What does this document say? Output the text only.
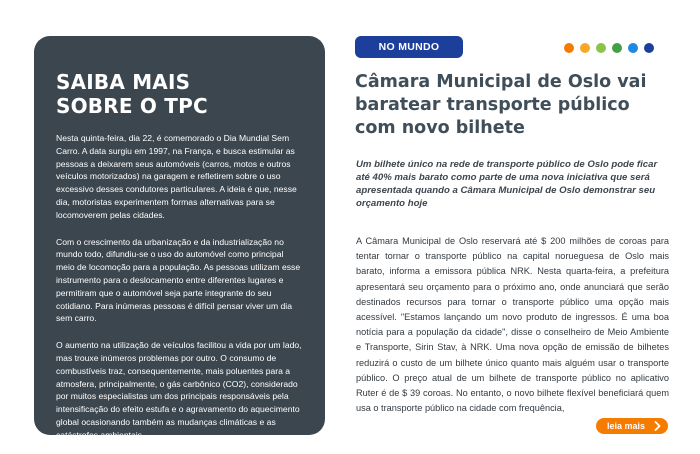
SAIBA MAIS
SOBRE O TPC

Nesta quinta-feira, dia 22, é comemorado o Dia Mundial Sem Carro. A data surgiu em 1997, na França, e busca estimular as pessoas a deixarem seus automóveis (carros, motos e outros veículos motorizados) na garagem e refletirem sobre o uso excessivo desses condutores particulares. A ideia é que, nesse dia, motoristas experimentem formas alternativas para se locomoverem pelas cidades.

Com o crescimento da urbanização e da industrialização no mundo todo, difundiu-se o uso do automóvel como principal meio de locomoção para a população. As pessoas utilizam esse instrumento para o deslocamento entre diferentes lugares e permitiram que o automóvel seja parte integrante do seu cotidiano. Para inúmeras pessoas é difícil pensar viver um dia sem carro.

O aumento na utilização de veículos facilitou a vida por um lado, mas trouxe inúmeros problemas por outro. O consumo de combustíveis traz, consequentemente, mais poluentes para a atmosfera, principalmente, o gás carbônico (CO2), considerado por muitos especialistas um dos principais responsáveis pela intensificação do efeito estufa e o agravamento do aquecimento global ocasionando também as mudanças climáticas e as catástrofes ambientais.

NO MUNDO
Câmara Municipal de Oslo vai baratear transporte público com novo bilhete

Um bilhete único na rede de transporte público de Oslo pode ficar até 40% mais barato como parte de uma nova iniciativa que será apresentada quando a Câmara Municipal de Oslo demonstrar seu orçamento hoje

A Câmara Municipal de Oslo reservará até $ 200 milhões de coroas para tentar tornar o transporte público na capital norueguesa de Oslo mais barato, informa a emissora pública NRK. Nesta quarta-feira, a prefeitura apresentará seu orçamento para o próximo ano, onde anunciará que serão destinados recursos para tornar o transporte público uma opção mais acessível. "Estamos lançando um novo produto de ingressos. É uma boa notícia para a população da cidade", disse o conselheiro de Meio Ambiente e Transporte, Sirin Stav, à NRK. Uma nova opção de emissão de bilhetes reduzirá o custo de um bilhete único quanto mais alguém usar o transporte público. O preço atual de um bilhete de transporte público no aplicativo Ruter é de $ 39 coroas. No entanto, o novo bilhete flexível beneficiará quem usa o transporte público na cidade com frequência,

leia mais
